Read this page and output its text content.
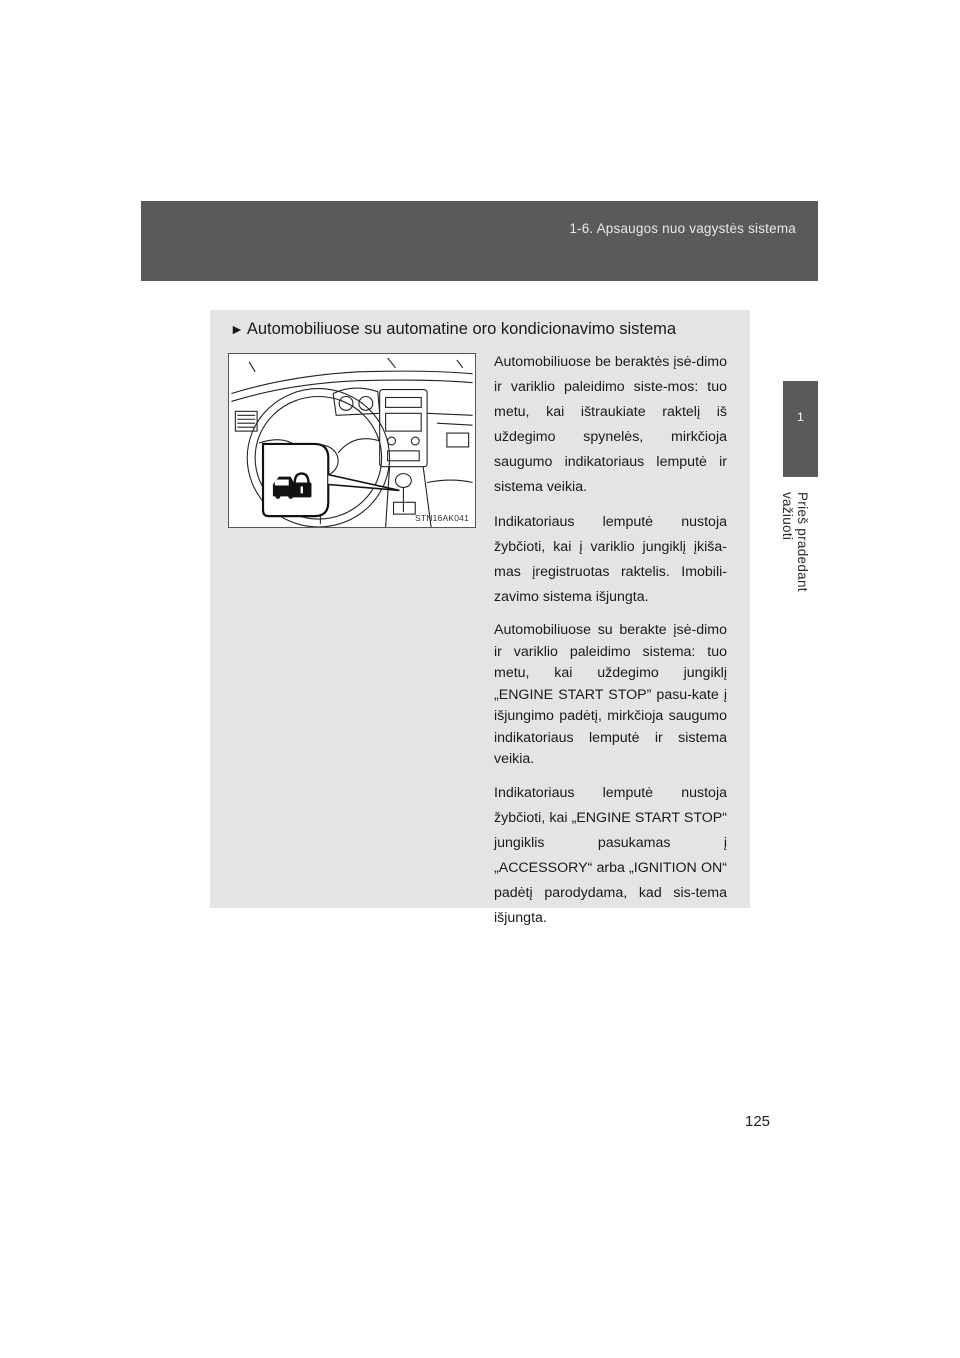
1-6. Apsaugos nuo vagystės sistema
1
Prieš pradedant važiuoti
► Automobiliuose su automatine oro kondicionavimo sistema
STN16AK041

Automobiliuose be beraktės įsė-dimo ir variklio paleidimo siste-mos: tuo metu, kai ištraukiate raktelį iš uždegimo spynelės, mirkčioja saugumo indikatoriaus lemputė ir sistema veikia.

Indikatoriaus lemputė nustoja žybčioti, kai į variklio jungiklį įkiša-mas įregistruotas raktelis. Imobili-zavimo sistema išjungta.

Automobiliuose su berakte įsė-dimo ir variklio paleidimo sistema: tuo metu, kai uždegimo jungiklį „ENGINE START STOP” pasu-kate į išjungimo padėtį, mirkčioja saugumo indikatoriaus lemputė ir sistema veikia.

Indikatoriaus lemputė nustoja žybčioti, kai „ENGINE START STOP“ jungiklis pasukamas į „ACCESSORY“ arba „IGNITION ON“ padėtį parodydama, kad sis-tema išjungta.

125
